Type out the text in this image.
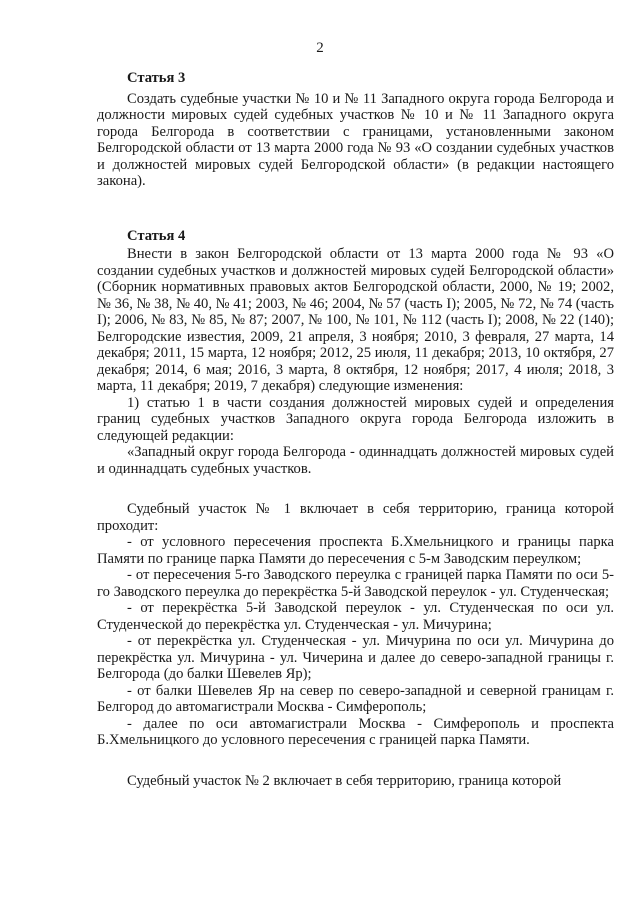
2

Статья 3

Создать судебные участки № 10 и № 11 Западного округа города Белгорода и должности мировых судей судебных участков № 10 и № 11 Западного округа города Белгорода в соответствии с границами, установленными законом Белгородской области от 13 марта 2000 года № 93 «О создании судебных участков и должностей мировых судей Белгородской области» (в редакции настоящего закона).

Статья 4

Внести в закон Белгородской области от 13 марта 2000 года № 93 «О создании судебных участков и должностей мировых судей Белгородской области» (Сборник нормативных правовых актов Белгородской области, 2000, № 19; 2002, № 36, № 38, № 40, № 41; 2003, № 46; 2004, № 57 (часть I); 2005, № 72, № 74 (часть I); 2006, № 83, № 85, № 87; 2007, № 100, № 101, № 112 (часть I); 2008, № 22 (140); Белгородские известия, 2009, 21 апреля, 3 ноября; 2010, 3 февраля, 27 марта, 14 декабря; 2011, 15 марта, 12 ноября; 2012, 25 июля, 11 декабря; 2013, 10 октября, 27 декабря; 2014, 6 мая; 2016, 3 марта, 8 октября, 12 ноября; 2017, 4 июля; 2018, 3 марта, 11 декабря; 2019, 7 декабря) следующие изменения:

1) статью 1 в части создания должностей мировых судей и определения границ судебных участков Западного округа города Белгорода изложить в следующей редакции:

«Западный округ города Белгорода - одиннадцать должностей мировых судей и одиннадцать судебных участков.

Судебный участок № 1 включает в себя территорию, граница которой проходит:

- от условного пересечения проспекта Б.Хмельницкого и границы парка Памяти по границе парка Памяти до пересечения с 5-м Заводским переулком;

- от пересечения 5-го Заводского переулка с границей парка Памяти по оси 5-го Заводского переулка до перекрёстка 5-й Заводской переулок - ул. Студенческая;

- от перекрёстка 5-й Заводской переулок - ул. Студенческая по оси ул. Студенческой до перекрёстка ул. Студенческая - ул. Мичурина;

- от перекрёстка ул. Студенческая - ул. Мичурина по оси ул. Мичурина до перекрёстка ул. Мичурина - ул. Чичерина и далее до северо-западной границы г. Белгорода (до балки Шевелев Яр);

- от балки Шевелев Яр на север по северо-западной и северной границам г. Белгород до автомагистрали Москва - Симферополь;

- далее по оси автомагистрали Москва - Симферополь и проспекта Б.Хмельницкого до условного пересечения с границей парка Памяти.

Судебный участок № 2 включает в себя территорию, граница которой
